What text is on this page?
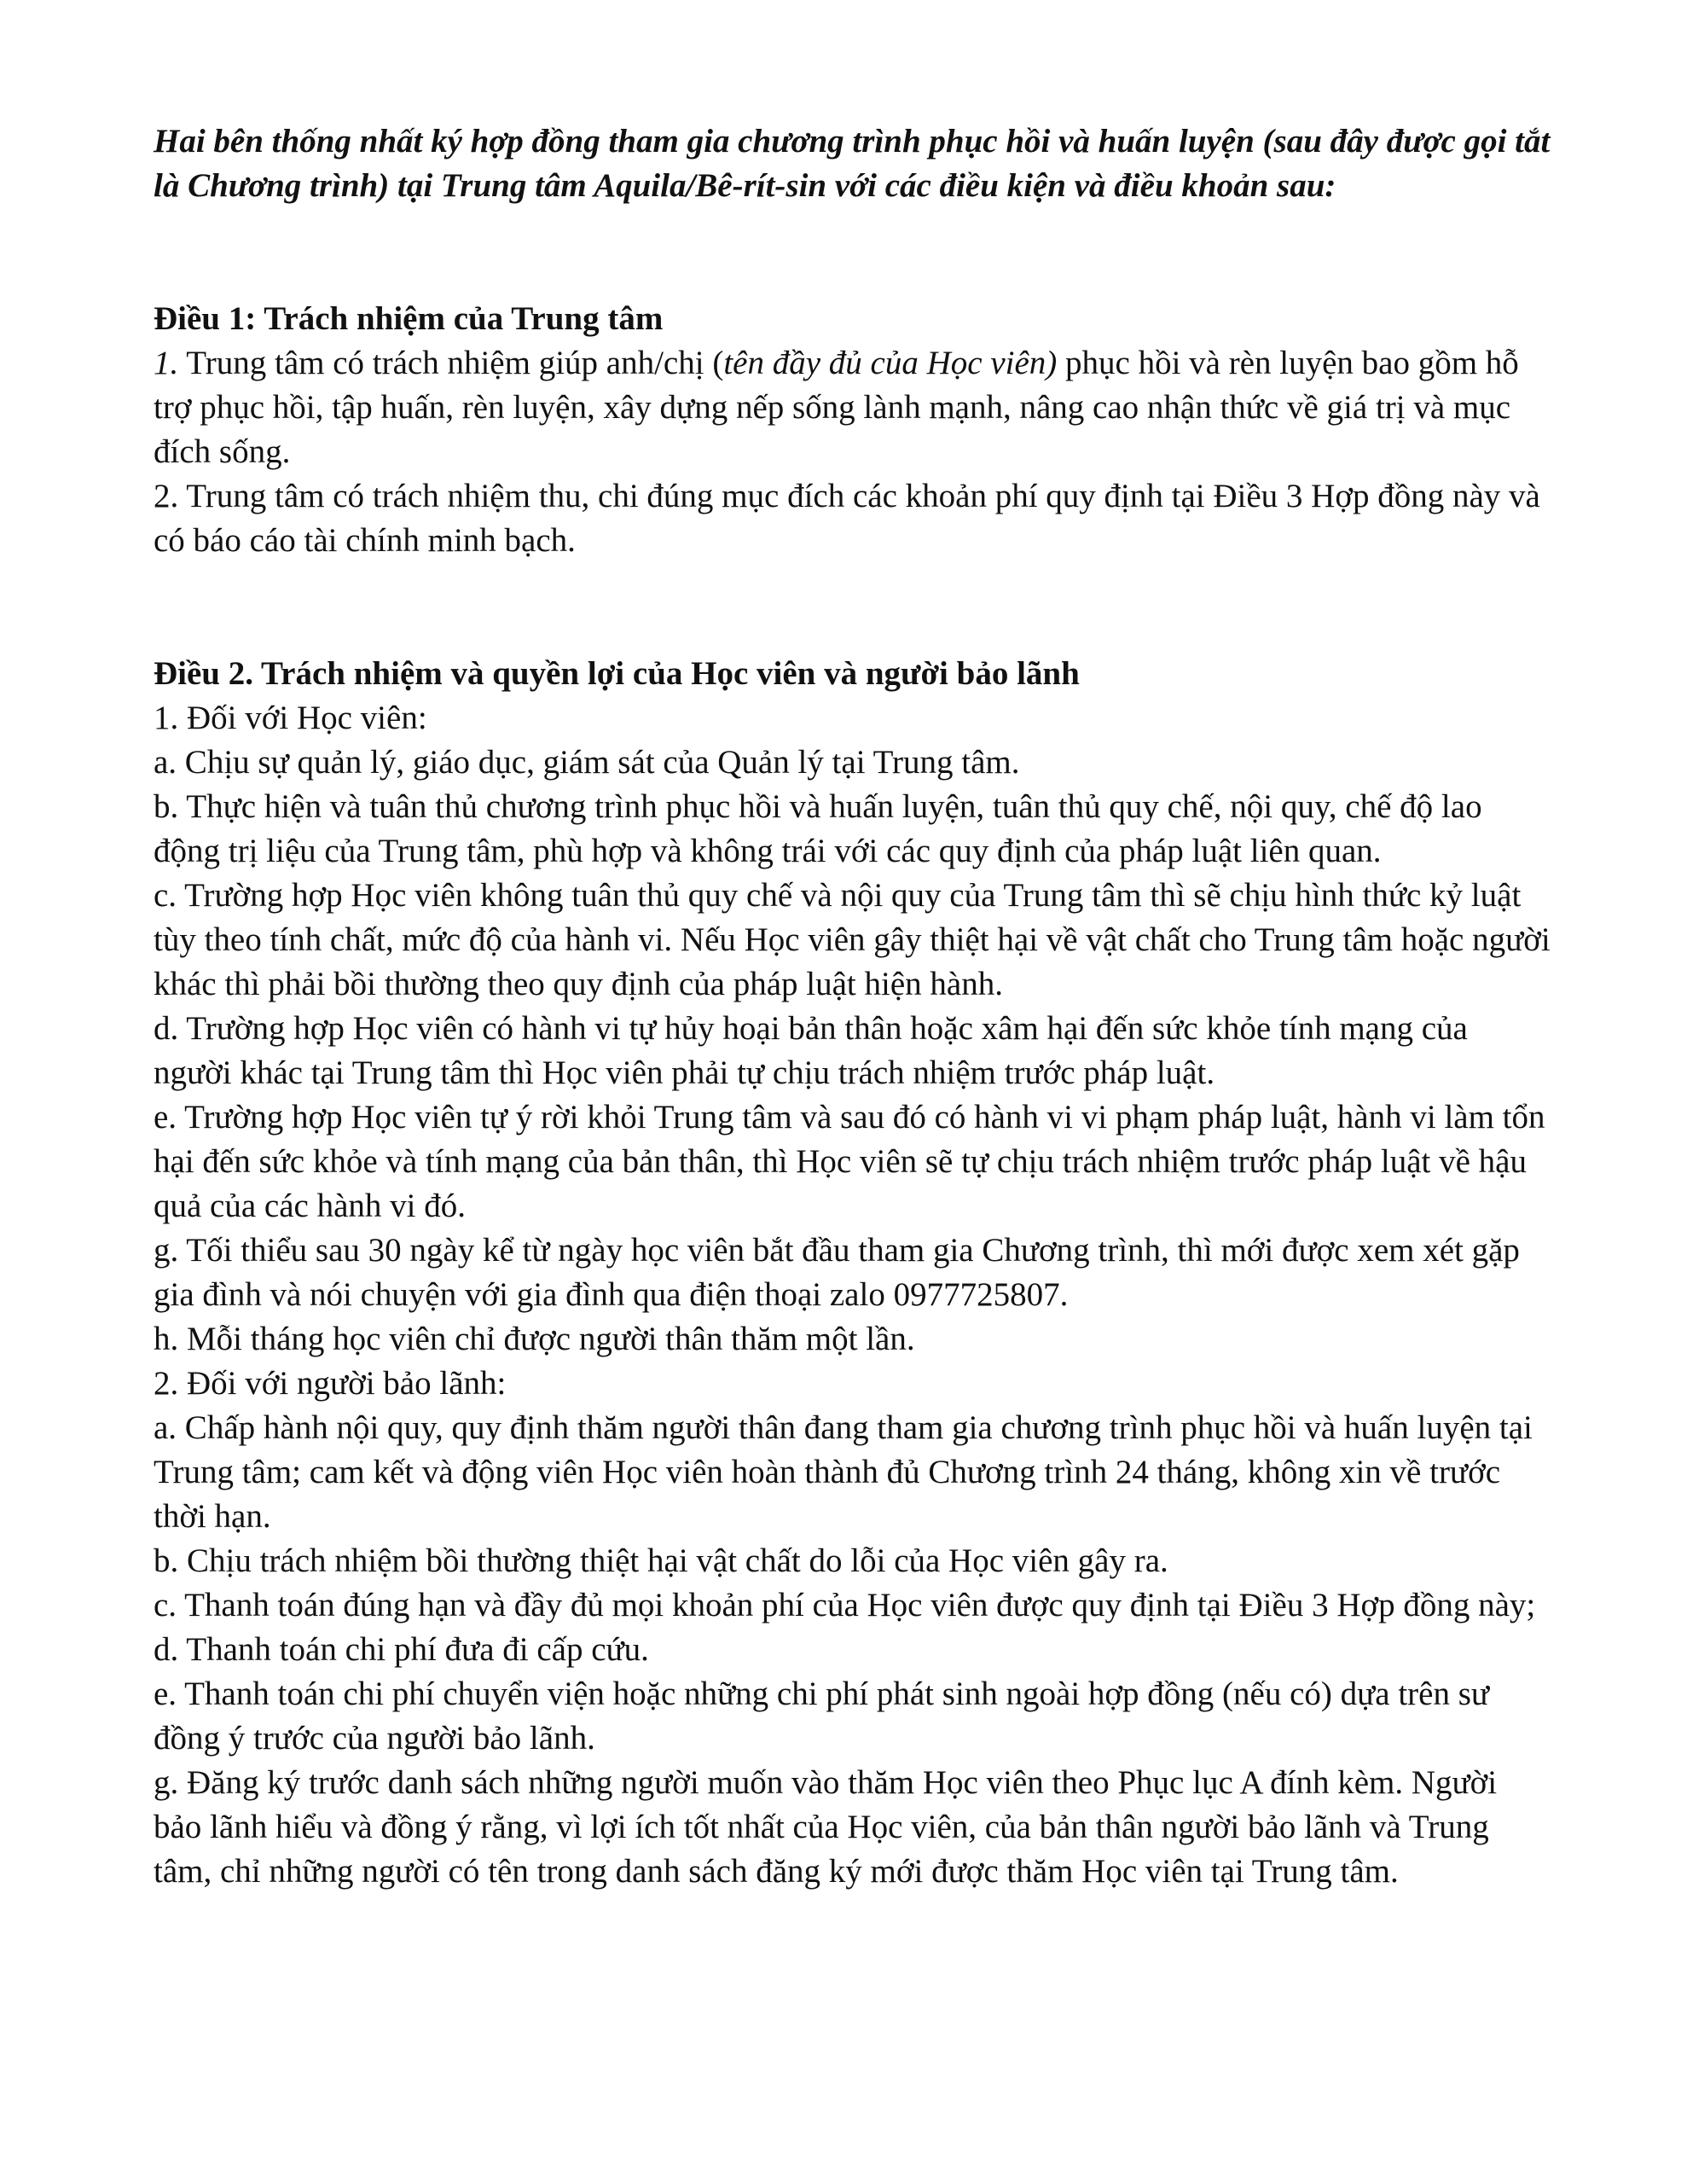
Hai bên thống nhất ký hợp đồng tham gia chương trình phục hồi và huấn luyện (sau đây được gọi tắt là Chương trình) tại Trung tâm Aquila/Bê-rít-sin với các điều kiện và điều khoản sau:

Điều 1: Trách nhiệm của Trung tâm

1. Trung tâm có trách nhiệm giúp anh/chị (tên đầy đủ của Học viên) phục hồi và rèn luyện bao gồm hỗ trợ phục hồi, tập huấn, rèn luyện, xây dựng nếp sống lành mạnh, nâng cao nhận thức về giá trị và mục đích sống.

2. Trung tâm có trách nhiệm thu, chi đúng mục đích các khoản phí quy định tại Điều 3 Hợp đồng này và có báo cáo tài chính minh bạch.

Điều 2. Trách nhiệm và quyền lợi của Học viên và người bảo lãnh

1. Đối với Học viên:

a. Chịu sự quản lý, giáo dục, giám sát của Quản lý tại Trung tâm.

b. Thực hiện và tuân thủ chương trình phục hồi và huấn luyện, tuân thủ quy chế, nội quy, chế độ lao động trị liệu của Trung tâm, phù hợp và không trái với các quy định của pháp luật liên quan.

c. Trường hợp Học viên không tuân thủ quy chế và nội quy của Trung tâm thì sẽ chịu hình thức kỷ luật tùy theo tính chất, mức độ của hành vi. Nếu Học viên gây thiệt hại về vật chất cho Trung tâm hoặc người khác thì phải bồi thường theo quy định của pháp luật hiện hành.

d. Trường hợp Học viên có hành vi tự hủy hoại bản thân hoặc xâm hại đến sức khỏe tính mạng của người khác tại Trung tâm thì Học viên phải tự chịu trách nhiệm trước pháp luật.

e. Trường hợp Học viên tự ý rời khỏi Trung tâm và sau đó có hành vi vi phạm pháp luật, hành vi làm tổn hại đến sức khỏe và tính mạng của bản thân, thì Học viên sẽ tự chịu trách nhiệm trước pháp luật về hậu quả của các hành vi đó.

g. Tối thiểu sau 30 ngày kể từ ngày học viên bắt đầu tham gia Chương trình, thì mới được xem xét gặp gia đình và nói chuyện với gia đình qua điện thoại zalo 0977725807.

h. Mỗi tháng học viên chỉ được người thân thăm một lần.

2. Đối với người bảo lãnh:

a. Chấp hành nội quy, quy định thăm người thân đang tham gia chương trình phục hồi và huấn luyện tại Trung tâm; cam kết và động viên Học viên hoàn thành đủ Chương trình 24 tháng, không xin về trước thời hạn.

b. Chịu trách nhiệm bồi thường thiệt hại vật chất do lỗi của Học viên gây ra.

c. Thanh toán đúng hạn và đầy đủ mọi khoản phí của Học viên được quy định tại Điều 3 Hợp đồng này;

d. Thanh toán chi phí đưa đi cấp cứu.

e. Thanh toán chi phí chuyển viện hoặc những chi phí phát sinh ngoài hợp đồng (nếu có) dựa trên sư đồng ý trước của người bảo lãnh.

g. Đăng ký trước danh sách những người muốn vào thăm Học viên theo Phục lục A đính kèm. Người bảo lãnh hiểu và đồng ý rằng, vì lợi ích tốt nhất của Học viên, của bản thân người bảo lãnh và Trung tâm, chỉ những người có tên trong danh sách đăng ký mới được thăm Học viên tại Trung tâm.
